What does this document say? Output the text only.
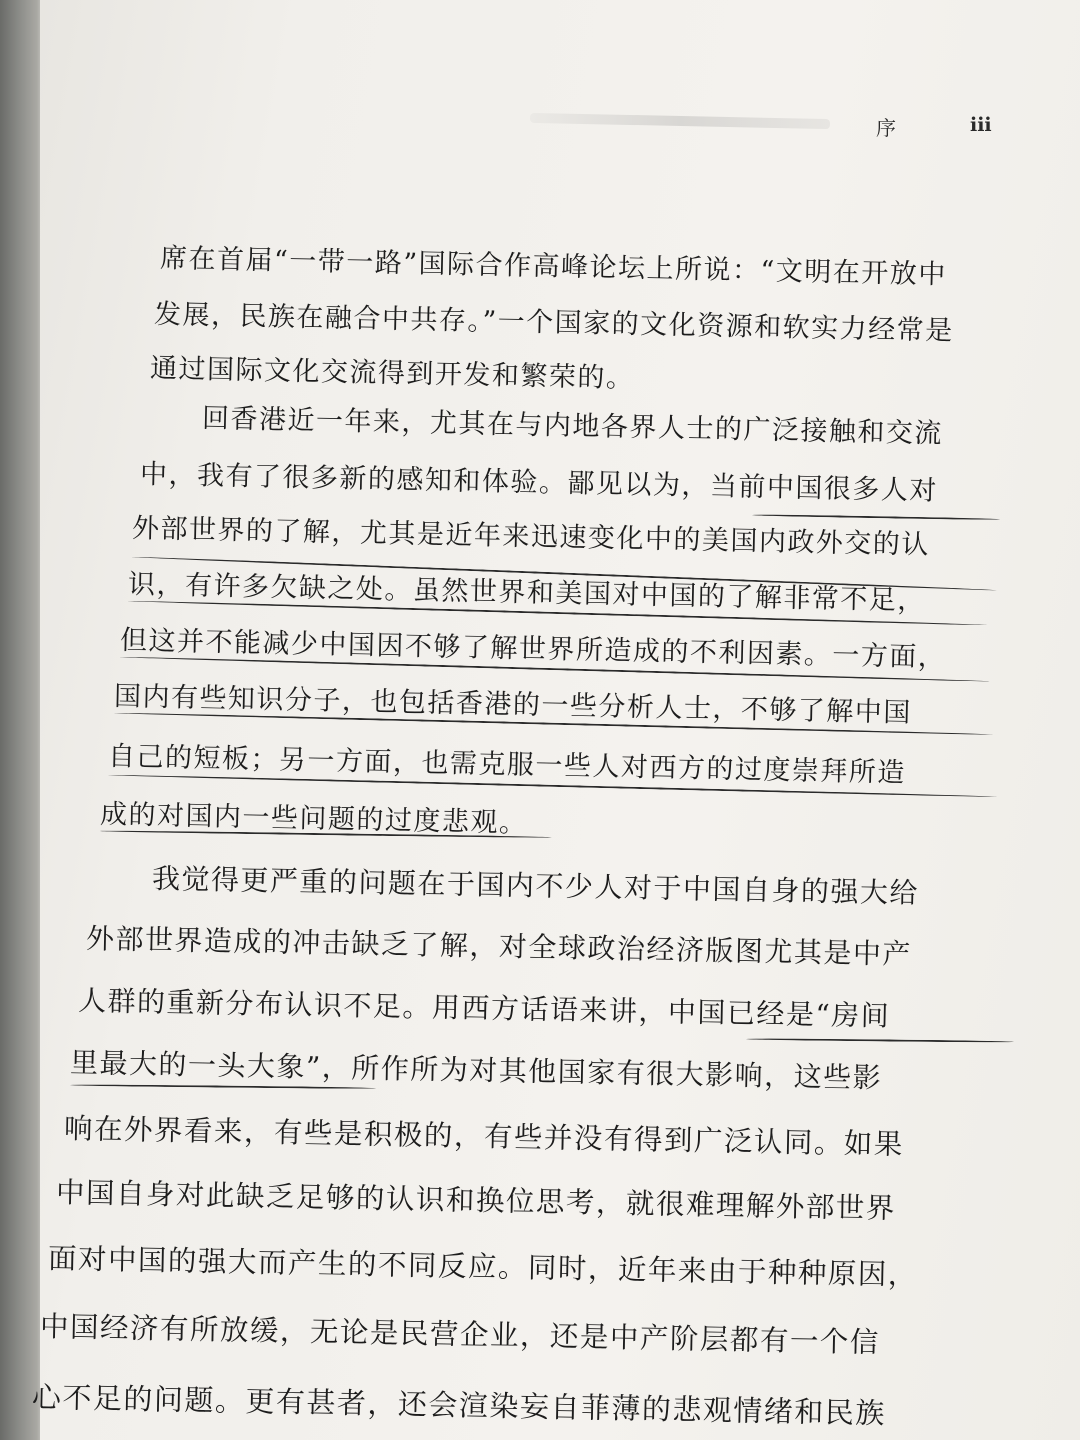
序	iii
席在首届“一带一路”国际合作高峰论坛上所说：“文明在开放中
发展，民族在融合中共存。”一个国家的文化资源和软实力经常是
通过国际文化交流得到开发和繁荣的。
回香港近一年来，尤其在与内地各界人士的广泛接触和交流
中，我有了很多新的感知和体验。鄙见以为，当前中国很多人对
外部世界的了解，尤其是近年来迅速变化中的美国内政外交的认
识，有许多欠缺之处。虽然世界和美国对中国的了解非常不足，
但这并不能减少中国因不够了解世界所造成的不利因素。一方面，
国内有些知识分子，也包括香港的一些分析人士，不够了解中国
自己的短板；另一方面，也需克服一些人对西方的过度崇拜所造
成的对国内一些问题的过度悲观。
我觉得更严重的问题在于国内不少人对于中国自身的强大给
外部世界造成的冲击缺乏了解，对全球政治经济版图尤其是中产
人群的重新分布认识不足。用西方话语来讲，中国已经是“房间
里最大的一头大象”，所作所为对其他国家有很大影响，这些影
响在外界看来，有些是积极的，有些并没有得到广泛认同。如果
中国自身对此缺乏足够的认识和换位思考，就很难理解外部世界
面对中国的强大而产生的不同反应。同时，近年来由于种种原因，
中国经济有所放缓，无论是民营企业，还是中产阶层都有一个信
心不足的问题。更有甚者，还会渲染妄自菲薄的悲观情绪和民族
